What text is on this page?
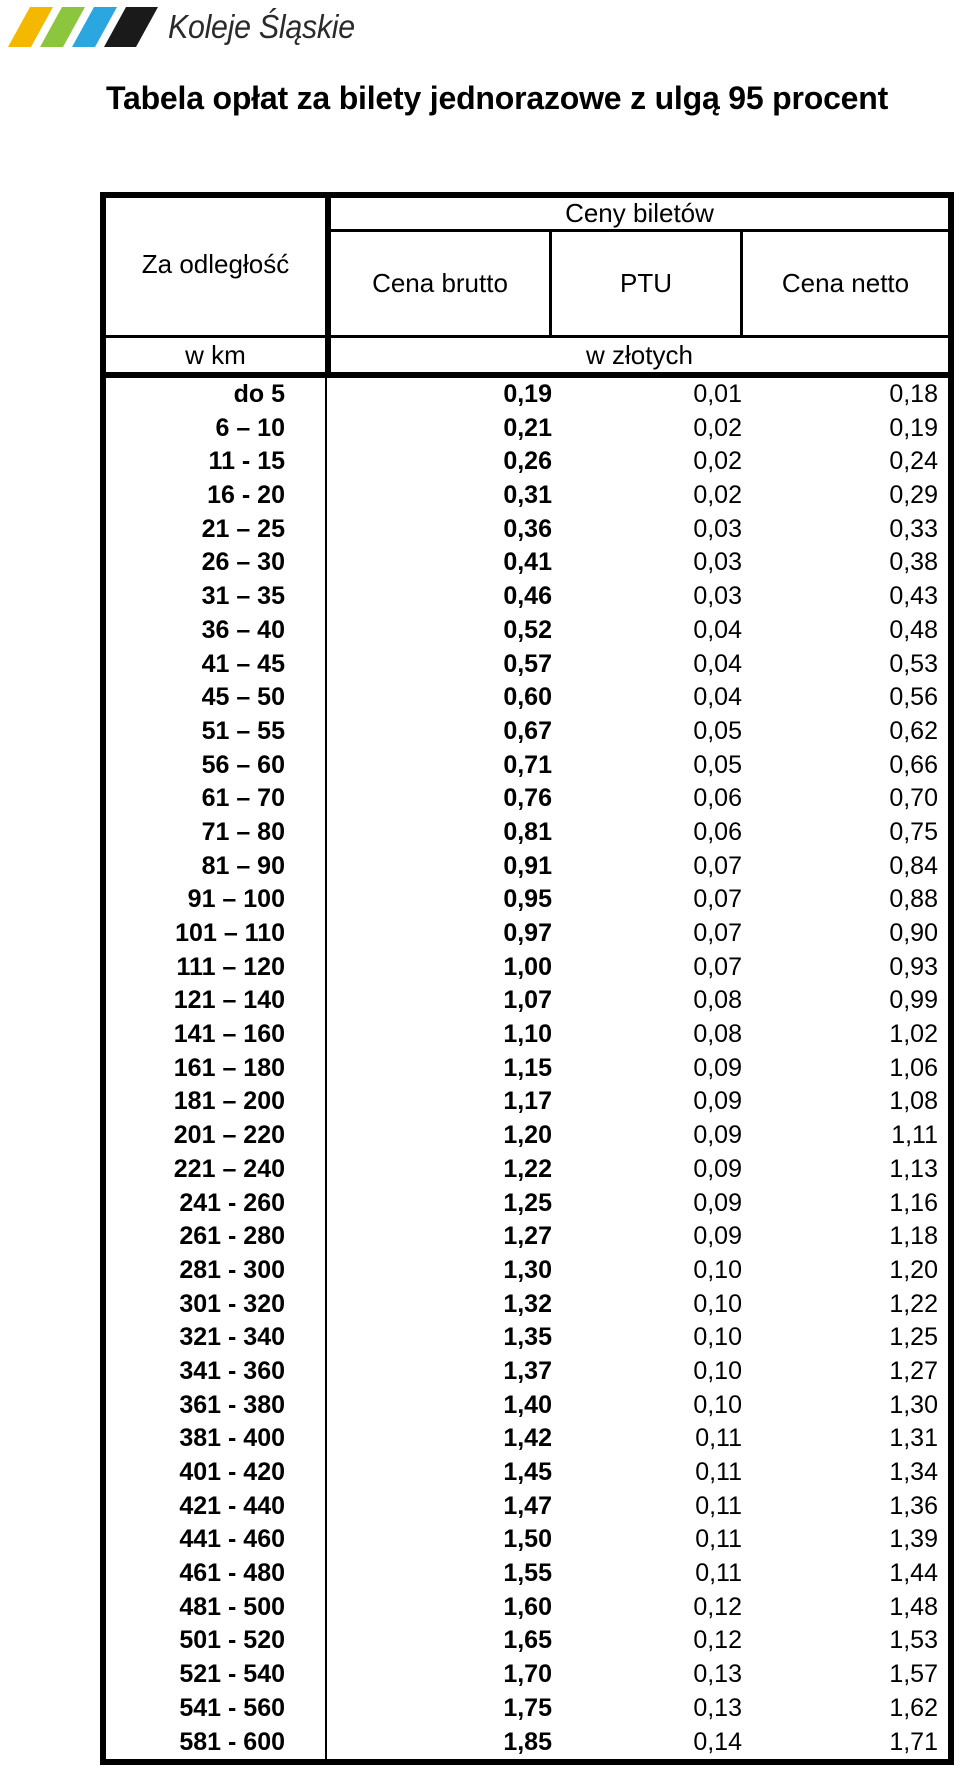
Koleje Śląskie
Tabela opłat za bilety jednorazowe z ulgą 95 procent
Za odległość
Ceny biletów
Cena brutto	PTU	Cena netto
w km	w złotych
do 5	0,19	0,01	0,18
6 – 10	0,21	0,02	0,19
11 - 15	0,26	0,02	0,24
16 - 20	0,31	0,02	0,29
21 – 25	0,36	0,03	0,33
26 – 30	0,41	0,03	0,38
31 – 35	0,46	0,03	0,43
36 – 40	0,52	0,04	0,48
41 – 45	0,57	0,04	0,53
45 – 50	0,60	0,04	0,56
51 – 55	0,67	0,05	0,62
56 – 60	0,71	0,05	0,66
61 – 70	0,76	0,06	0,70
71 – 80	0,81	0,06	0,75
81 – 90	0,91	0,07	0,84
91 – 100	0,95	0,07	0,88
101 – 110	0,97	0,07	0,90
111 – 120	1,00	0,07	0,93
121 – 140	1,07	0,08	0,99
141 – 160	1,10	0,08	1,02
161 – 180	1,15	0,09	1,06
181 – 200	1,17	0,09	1,08
201 – 220	1,20	0,09	1,11
221 – 240	1,22	0,09	1,13
241 - 260	1,25	0,09	1,16
261 - 280	1,27	0,09	1,18
281 - 300	1,30	0,10	1,20
301 - 320	1,32	0,10	1,22
321 - 340	1,35	0,10	1,25
341 - 360	1,37	0,10	1,27
361 - 380	1,40	0,10	1,30
381 - 400	1,42	0,11	1,31
401 - 420	1,45	0,11	1,34
421 - 440	1,47	0,11	1,36
441 - 460	1,50	0,11	1,39
461 - 480	1,55	0,11	1,44
481 - 500	1,60	0,12	1,48
501 - 520	1,65	0,12	1,53
521 - 540	1,70	0,13	1,57
541 - 560	1,75	0,13	1,62
581 - 600	1,85	0,14	1,71
